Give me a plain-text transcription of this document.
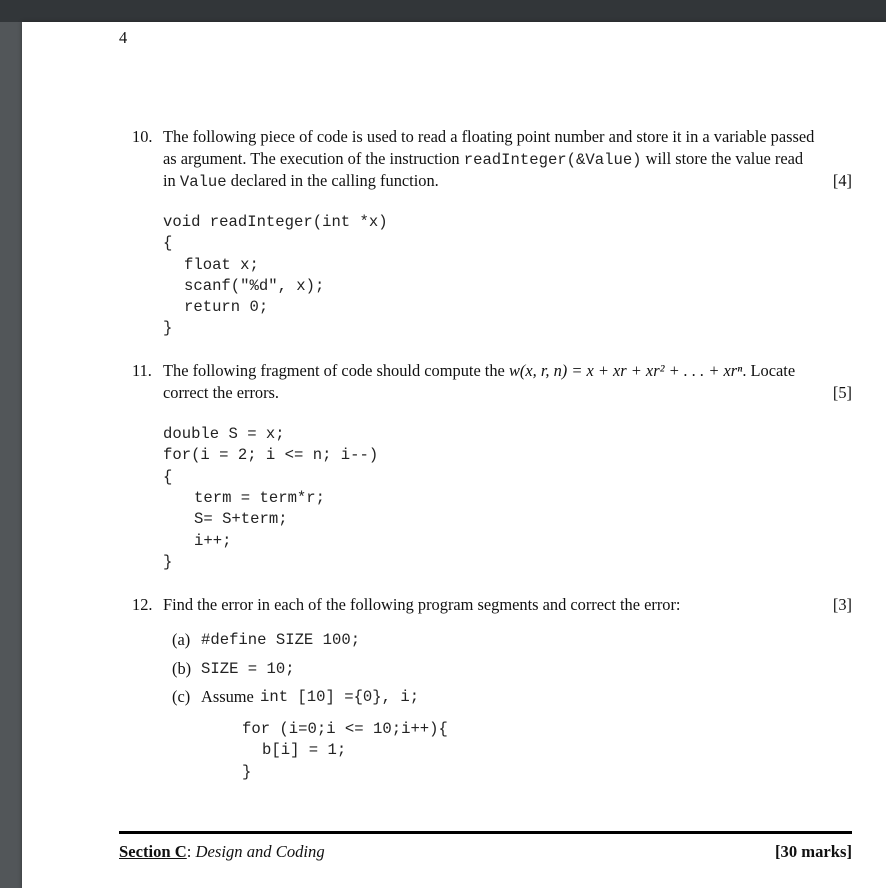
4
10. The following piece of code is used to read a floating point number and store it in a variable passed
as argument. The execution of the instruction readInteger(&Value) will store the value read
in Value declared in the calling function.	[4]
void readInteger(int *x)
{
float x;
scanf("%d", x);
return 0;
}
11. The following fragment of code should compute the w(x, r, n) = x + xr + xr² + . . . + xrⁿ. Locate
correct the errors.	[5]
double S = x;
for(i = 2; i <= n; i--)
{
term = term*r;
S= S+term;
i++;
}
12. Find the error in each of the following program segments and correct the error:	[3]
(a) #define SIZE 100;
(b) SIZE = 10;
(c) Assume int [10] ={0}, i;
for (i=0;i <= 10;i++){
b[i] = 1;
}
Section C: Design and Coding	[30 marks]
